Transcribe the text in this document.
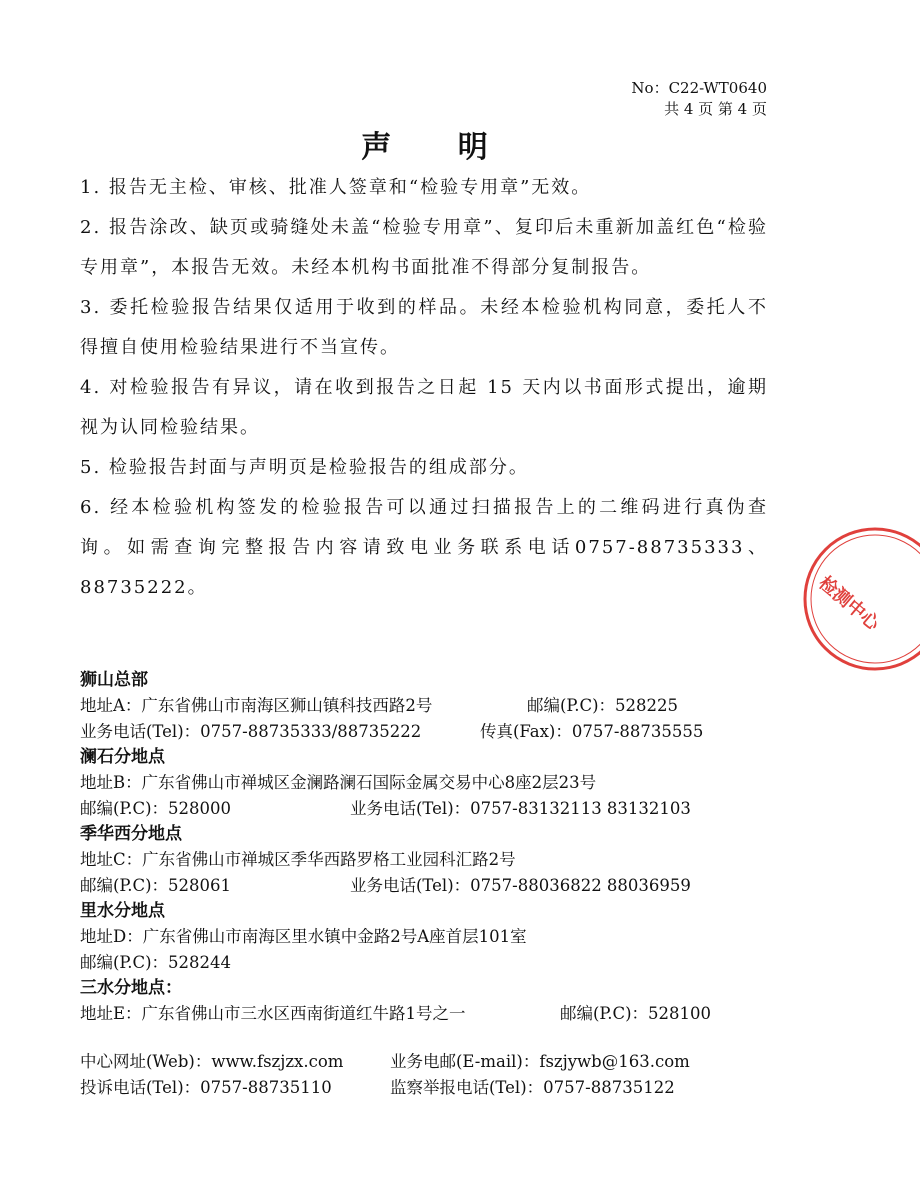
No：C22-WT0640
共 4 页 第 4 页
声 明

1. 报告无主检、审核、批准人签章和“检验专用章”无效。

2. 报告涂改、缺页或骑缝处未盖“检验专用章”、复印后未重新加盖红色“检验专用章”，本报告无效。未经本机构书面批准不得部分复制报告。

3. 委托检验报告结果仅适用于收到的样品。未经本检验机构同意，委托人不得擅自使用检验结果进行不当宣传。

4. 对检验报告有异议，请在收到报告之日起 15 天内以书面形式提出，逾期视为认同检验结果。

5. 检验报告封面与声明页是检验报告的组成部分。

6. 经本检验机构签发的检验报告可以通过扫描报告上的二维码进行真伪查询。如需查询完整报告内容请致电业务联系电话0757-88735333、88735222。

狮山总部
地址A：广东省佛山市南海区狮山镇科技西路2号	邮编(P.C)：528225
业务电话(Tel)：0757-88735333/88735222	传真(Fax)：0757-88735555
澜石分地点
地址B：广东省佛山市禅城区金澜路澜石国际金属交易中心8座2层23号
邮编(P.C)：528000	业务电话(Tel)：0757-83132113 83132103
季华西分地点
地址C：广东省佛山市禅城区季华西路罗格工业园科汇路2号
邮编(P.C)：528061	业务电话(Tel)：0757-88036822 88036959
里水分地点
地址D：广东省佛山市南海区里水镇中金路2号A座首层101室
邮编(P.C)：528244
三水分地点：
地址E：广东省佛山市三水区西南街道红牛路1号之一	邮编(P.C)：528100
中心网址(Web)：www.fszjzx.com	业务电邮(E-mail)：fszjywb@163.com
投诉电话(Tel)：0757-88735110	监察举报电话(Tel)：0757-88735122
检测中心
